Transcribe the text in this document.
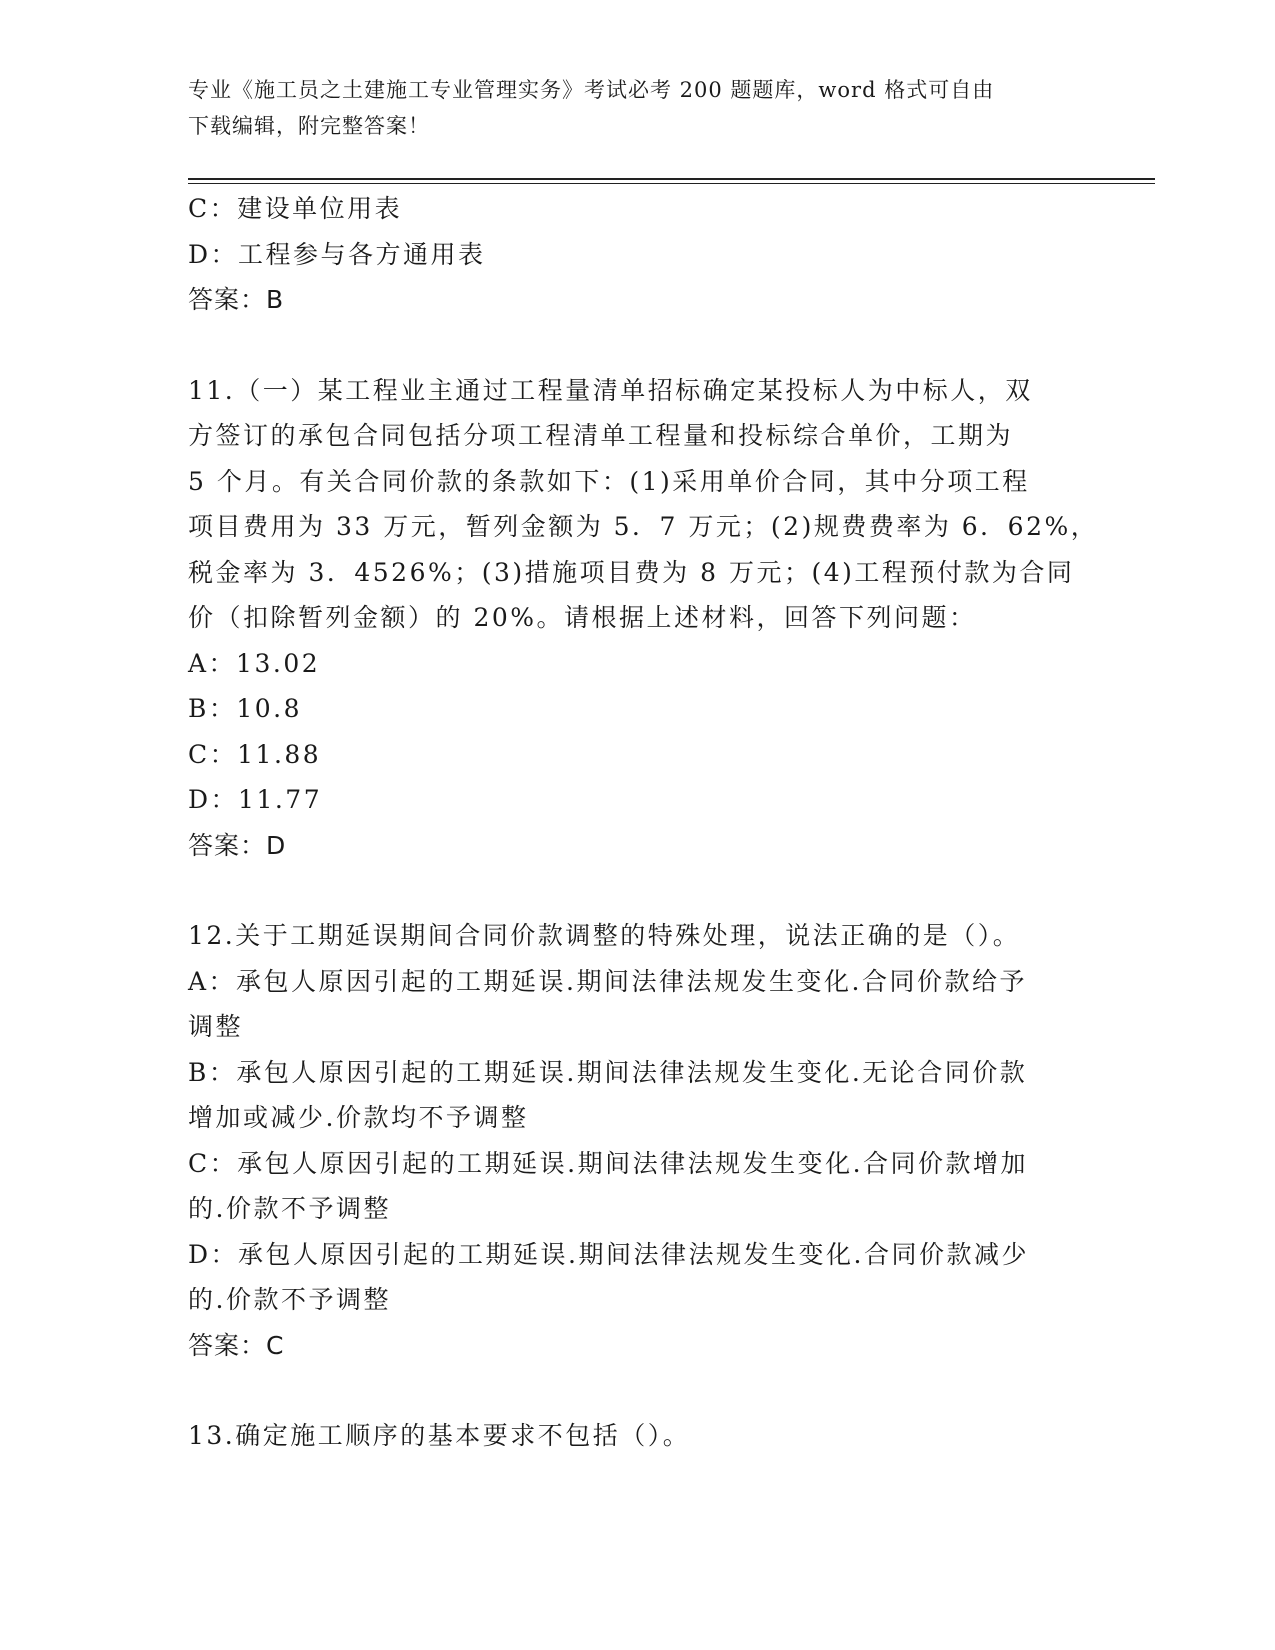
专业《施工员之土建施工专业管理实务》考试必考 200 题题库，word 格式可自由
下载编辑，附完整答案！
C：建设单位用表
D：工程参与各方通用表
答案：B
11.（一）某工程业主通过工程量清单招标确定某投标人为中标人，双
方签订的承包合同包括分项工程清单工程量和投标综合单价，工期为
5 个月。有关合同价款的条款如下：(1)采用单价合同，其中分项工程
项目费用为 33 万元，暂列金额为 5．7 万元；(2)规费费率为 6．62%，
税金率为 3．4526%；(3)措施项目费为 8 万元；(4)工程预付款为合同
价（扣除暂列金额）的 20%。请根据上述材料，回答下列问题：
A：13.02
B：10.8
C：11.88
D：11.77
答案：D
12.关于工期延误期间合同价款调整的特殊处理，说法正确的是（）。
A：承包人原因引起的工期延误.期间法律法规发生变化.合同价款给予
调整
B：承包人原因引起的工期延误.期间法律法规发生变化.无论合同价款
增加或减少.价款均不予调整
C：承包人原因引起的工期延误.期间法律法规发生变化.合同价款增加
的.价款不予调整
D：承包人原因引起的工期延误.期间法律法规发生变化.合同价款减少
的.价款不予调整
答案：C
13.确定施工顺序的基本要求不包括（）。
